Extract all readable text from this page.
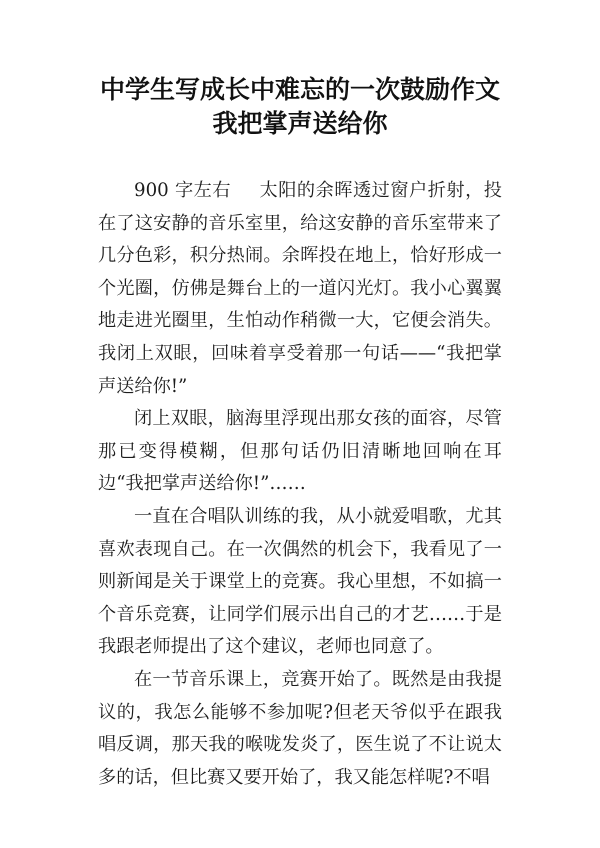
中学生写成长中难忘的一次鼓励作文
我把掌声送给你

900 字左右 太阳的余晖透过窗户折射，投在了这安静的音乐室里，给这安静的音乐室带来了几分色彩，积分热闹。余晖投在地上，恰好形成一个光圈，仿佛是舞台上的一道闪光灯。我小心翼翼地走进光圈里，生怕动作稍微一大，它便会消失。我闭上双眼，回味着享受着那一句话——“我把掌声送给你!”

闭上双眼，脑海里浮现出那女孩的面容，尽管那已变得模糊，但那句话仍旧清晰地回响在耳边“我把掌声送给你!”……

一直在合唱队训练的我，从小就爱唱歌，尤其喜欢表现自己。在一次偶然的机会下，我看见了一则新闻是关于课堂上的竞赛。我心里想，不如搞一个音乐竞赛，让同学们展示出自己的才艺……于是我跟老师提出了这个建议，老师也同意了。

在一节音乐课上，竞赛开始了。既然是由我提议的，我怎么能够不参加呢?但老天爷似乎在跟我唱反调，那天我的喉咙发炎了，医生说了不让说太多的话，但比赛又要开始了，我又能怎样呢?不唱
